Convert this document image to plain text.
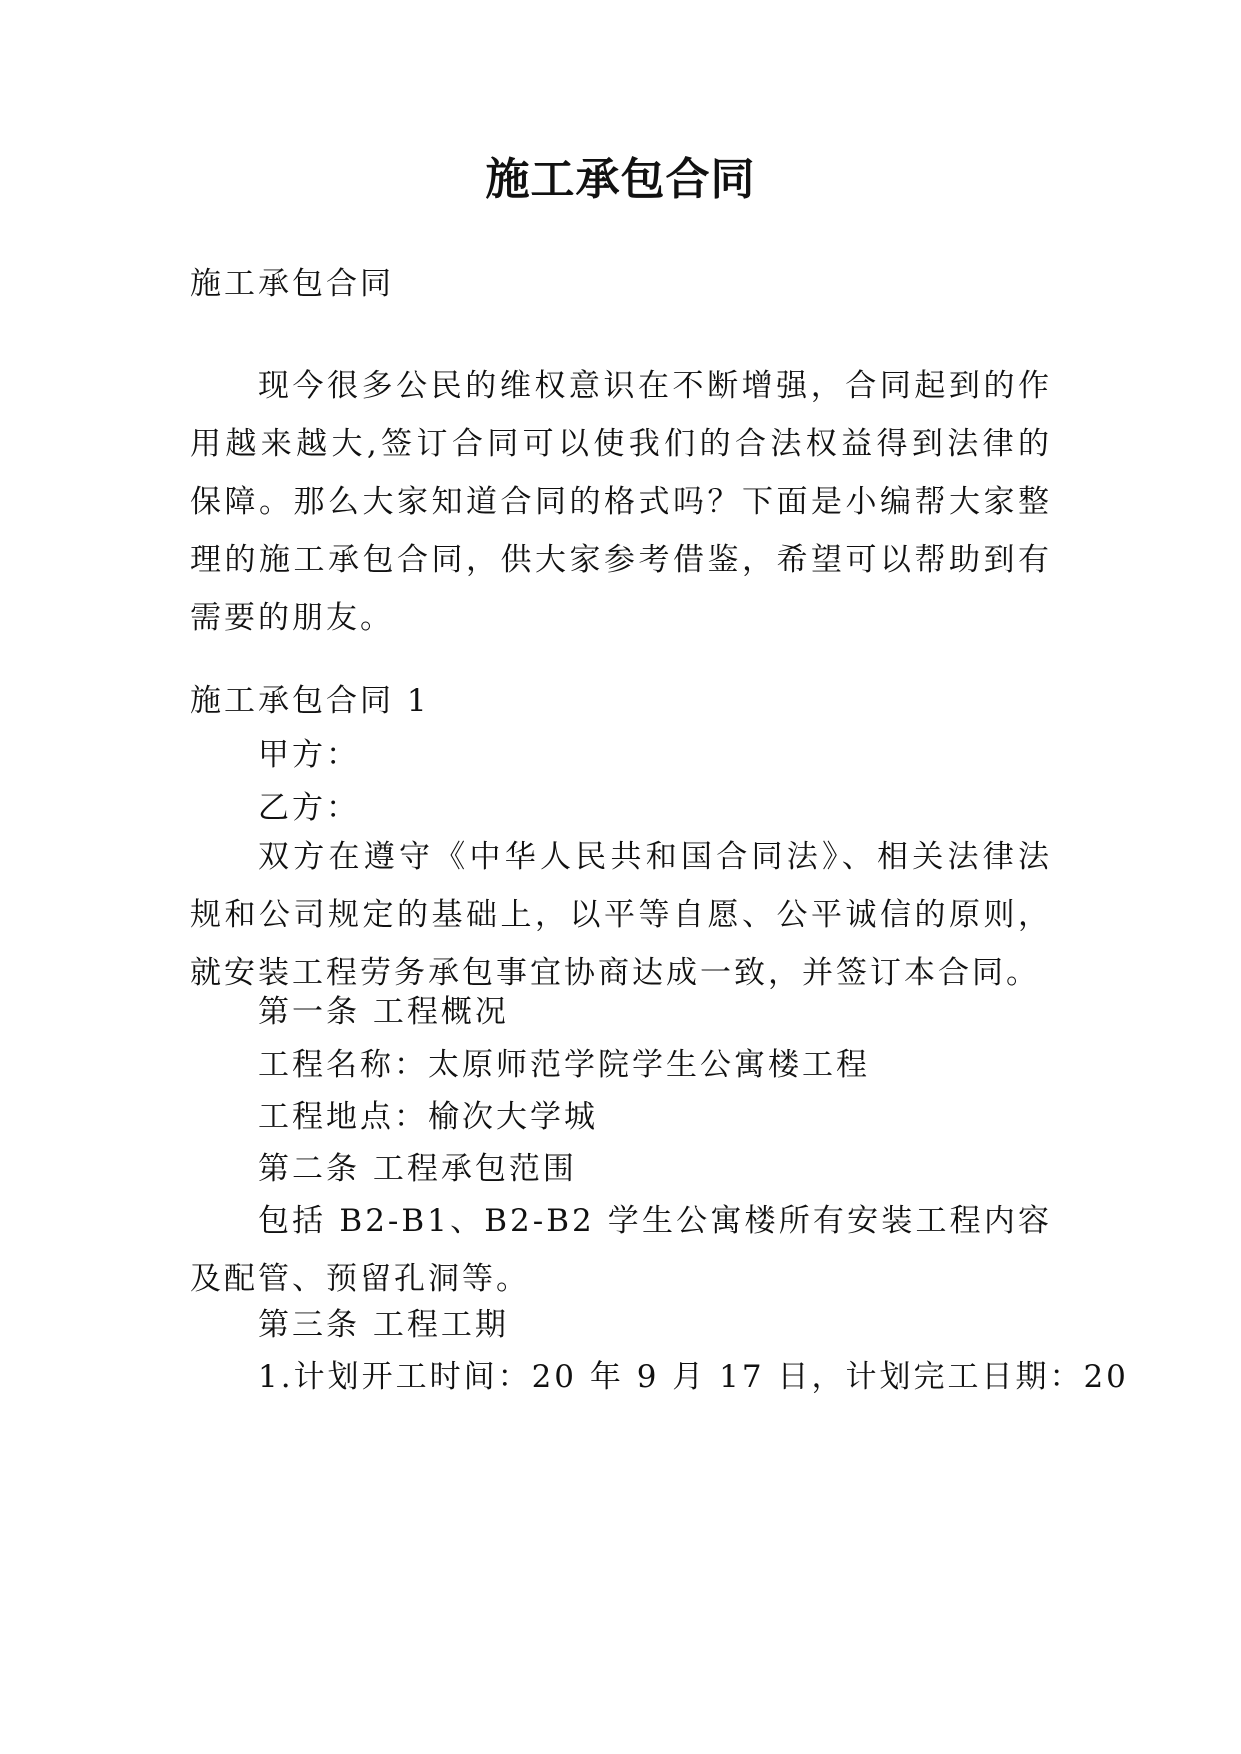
施工承包合同
施工承包合同
现今很多公民的维权意识在不断增强，合同起到的作用越来越大,签订合同可以使我们的合法权益得到法律的保障。那么大家知道合同的格式吗？下面是小编帮大家整理的施工承包合同，供大家参考借鉴，希望可以帮助到有需要的朋友。
施工承包合同 1
甲方：
乙方：
双方在遵守《中华人民共和国合同法》、相关法律法规和公司规定的基础上，以平等自愿、公平诚信的原则，就安装工程劳务承包事宜协商达成一致，并签订本合同。
第一条 工程概况
工程名称：太原师范学院学生公寓楼工程
工程地点：榆次大学城
第二条 工程承包范围
包括 B2-B1、B2-B2 学生公寓楼所有安装工程内容及配管、预留孔洞等。
第三条 工程工期
1.计划开工时间：20 年 9 月 17 日，计划完工日期：20
